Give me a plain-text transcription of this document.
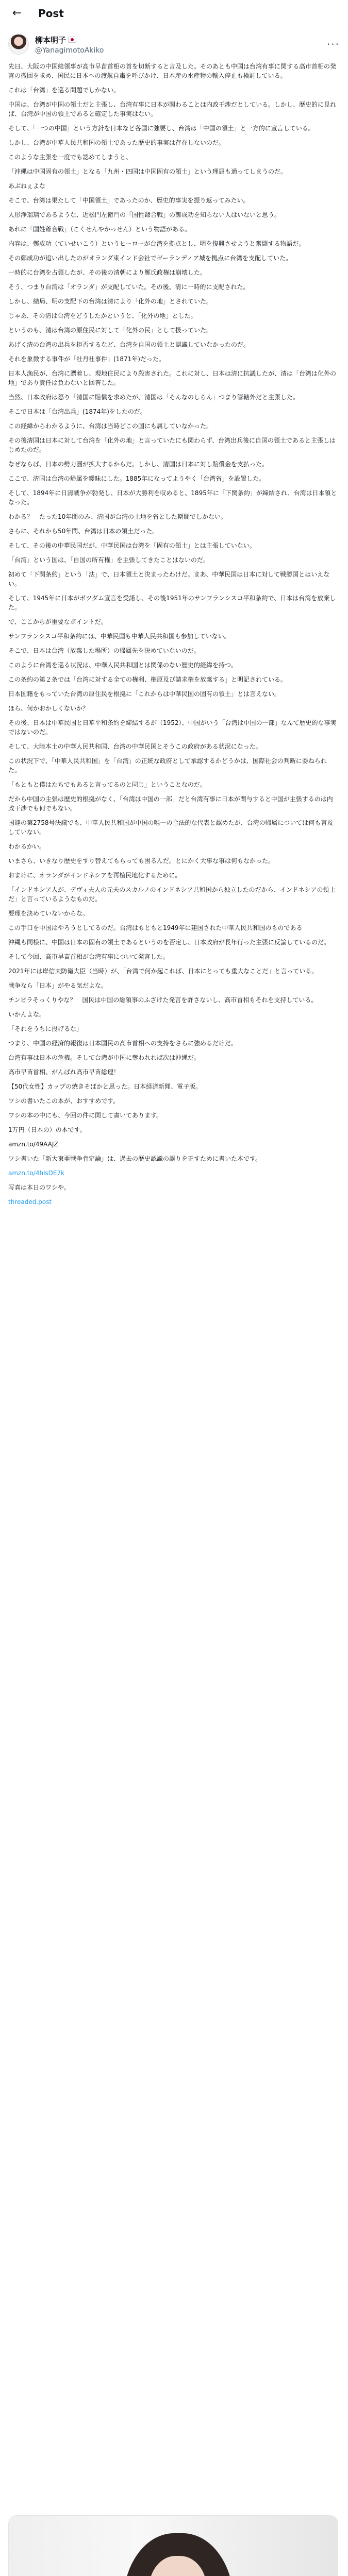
←	Post
柳本明子
@YanagimotoAkiko	···

先日、大阪の中国総領事が高市早苗首相の首を切断すると言及した。そのあとも中国は台湾有事に関する高市首相の発言の撤回を求め、国民に日本への渡航自粛を呼びかけ、日本産の水産物の輸入停止も検討している。

これは「台湾」を巡る問題でしかない。

中国は、台湾が中国の領土だと主張し、台湾有事に日本が関わることは内政干渉だとしている。しかし、歴史的に見れば、台湾が中国の領土であると確定した事実はない。

そして、「一つの中国」という方針を日本など各国に強要し、台湾は「中国の領土」と一方的に宣言している。

しかし、台湾が中華人民共和国の領土であった歴史的事実は存在しないのだ。

このような主張を一度でも認めてしまうと、

「沖縄は中国固有の領土」となる「九州・四国は中国固有の領土」という理屈も通ってしまうのだ。

あぶねぇよな

そこで、台湾は果たして「中国領土」であったのか、歴史的事実を振り返ってみたい。

人形浄瑠璃であるような、近松門左衛門の「国性爺合戦」の鄭成功を知らない人はいないと思う。

あれに「国姓爺合戦」（こくせんやかっせん）という物語がある。

内容は、鄭成功（ていせいこう）というヒーローが台湾を拠点とし、明を復興させようと奮闘する物語だ。

その鄭成功が追い出したのがオランダ東インド会社でゼーランディア城を拠点に台湾を支配していた。

一時的に台湾を占領したが、その後の清朝により鄭氏政権は崩壊した。

そう、つまり台湾は「オランダ」が支配していた。その後、清に一時的に支配された。

しかし、結局、明の支配下の台湾は清により「化外の地」とされていた。

じゃあ、その清は台湾をどうしたかというと、「化外の地」とした。

というのも、清は台湾の原住民に対して「化外の民」として扱っていた。

あげく清の台湾の出兵を拒否するなど、台湾を自国の領土と認識していなかったのだ。

それを象徴する事件が「牡丹社事件」(1871年)だった。

日本人漁民が、台湾に漂着し、現地住民により殺害された。これに対し、日本は清に抗議したが、清は「台湾は化外の地」であり責任は負わないと回答した。

当然、日本政府は怒り「清国に賠償を求めたが、清国は「そんなのしらん」つまり管轄外だと主張した。

そこで日本は「台湾出兵」(1874年)をしたのだ。

この経緯からわかるように、台湾は当時どこの国にも属していなかった。

その後清国は日本に対して台湾を「化外の地」と言っていたにも関わらず、台湾出兵後に自国の領土であると主張しはじめたのだ。

なぜならば、日本の勢力圏が拡大するからだ。しかし、清国は日本に対し賠償金を支払った。

ここで、清国は台湾の帰属を曖昧にした。1885年になってようやく「台湾省」を設置した。

そして、1894年に日清戦争が勃発し、日本が大勝利を収めると、1895年に「下関条約」が締結され、台湾は日本領となった。

わかる？　たった10年間のみ、清国が台湾の土地を省とした期間でしかない。

さらに、それから50年間、台湾は日本の領土だった。

そして、その後の中華民国だが、中華民国は台湾を「固有の領土」とは主張していない。

「台湾」という国は、「自国の所有権」を主張してきたことはないのだ。

初めて「下関条約」という「法」で、日本領土と決まったわけだ。まあ、中華民国は日本に対して戦勝国とはいえない。

そして、1945年に日本がポツダム宣言を受諾し、その後1951年のサンフランシスコ平和条約で、日本は台湾を放棄した。

で、ここからが重要なポイントだ。

サンフランシスコ平和条約には、中華民国も中華人民共和国も参加していない。

そこで、日本は台湾（放棄した場所）の帰属先を決めていないのだ。

このように台湾を巡る状況は、中華人民共和国とは関係のない歴史的経緯を持つ。

この条約の第２条では「台湾に対する全ての権利、権原及び請求権を放棄する」と明記されている。

日本国籍をもっていた台湾の原住民を根拠に「これからは中華民国の固有の領土」とは言えない。

ほら、何かおかしくないか？

その後、日本は中華民国と日華平和条約を締結するが（1952）、中国がいう「台湾は中国の一部」なんて歴史的な事実ではないのだ。

そして、大陸本土の中華人民共和国、台湾の中華民国とそうこの政府がある状況になった。

この状況下で、「中華人民共和国」を「台湾」の正統な政府として承認するかどうかは、国際社会の判断に委ねられた。

「もともと僕はたちでもあると言ってるのと同じ」ということなのだ。

だから中国の主張は歴史的根拠がなく、「台湾は中国の一部」だと台湾有事に日本が関与すると中国が主張するのは内政干渉でも何でもない。

国連の第2758号決議でも、中華人民共和国が中国の唯一の合法的な代表と認めたが、台湾の帰属については何も言及していない。

わかるかい。

いまさら、いきなり歴史をすり替えてもらっても困るんだ。とにかく大事な事は何もなかった。

おまけに、オランダがインドネシアを再植民地化するために。

「インドネシア人が、デヴィ夫人の元夫のスカルノのインドネシア共和国から独立したのだから、インドネシアの領土だ」と言っているようなものだ。

要理を決めていないからな。

この手口を中国はやろうとしてるのだ。台湾はもともと1949年に建国された中華人民共和国のものである

沖縄も同様に、中国は日本の固有の領土であるというのを否定し、日本政府が長年行った主張に反論しているのだ。

そして今回、高市早苗首相が台湾有事について発言した。

2021年には岸信夫防衛大臣（当時）が、「台湾で何か起これば、日本にとっても重大なことだ」と言っている。

戦争なら「日本」がやる気だよな。

チンピラそっくりやな？　国民は中国の総領事のふざけた発言を許さないし、高市首相もそれを支持している。

いかんよな。

「それをうちに投げるな」

つまり、中国の経済的報復は日本国民の高市首相への支持をさらに強めるだけだ。

台湾有事は日本の危機。そして台湾が中国に奪われれば次は沖縄だ。

高市早苗首相、がんばれ高市早苗総理！

【50代女性】カップの焼きそばかと思った。日本経済新聞、電子版。

ワシの書いたこの本が、おすすめです。

ワシの本の中にも、今回の件に関して書いてあります。

1万円（日本の）の本です。

amzn.to/49AAJZ

ワシ書いた「新大東亜戦争肯定論」は、過去の歴史認識の誤りを正すために書いた本です。

amzn.to/4hlsDE7k

写真は本日のワシや。

threaded.post
